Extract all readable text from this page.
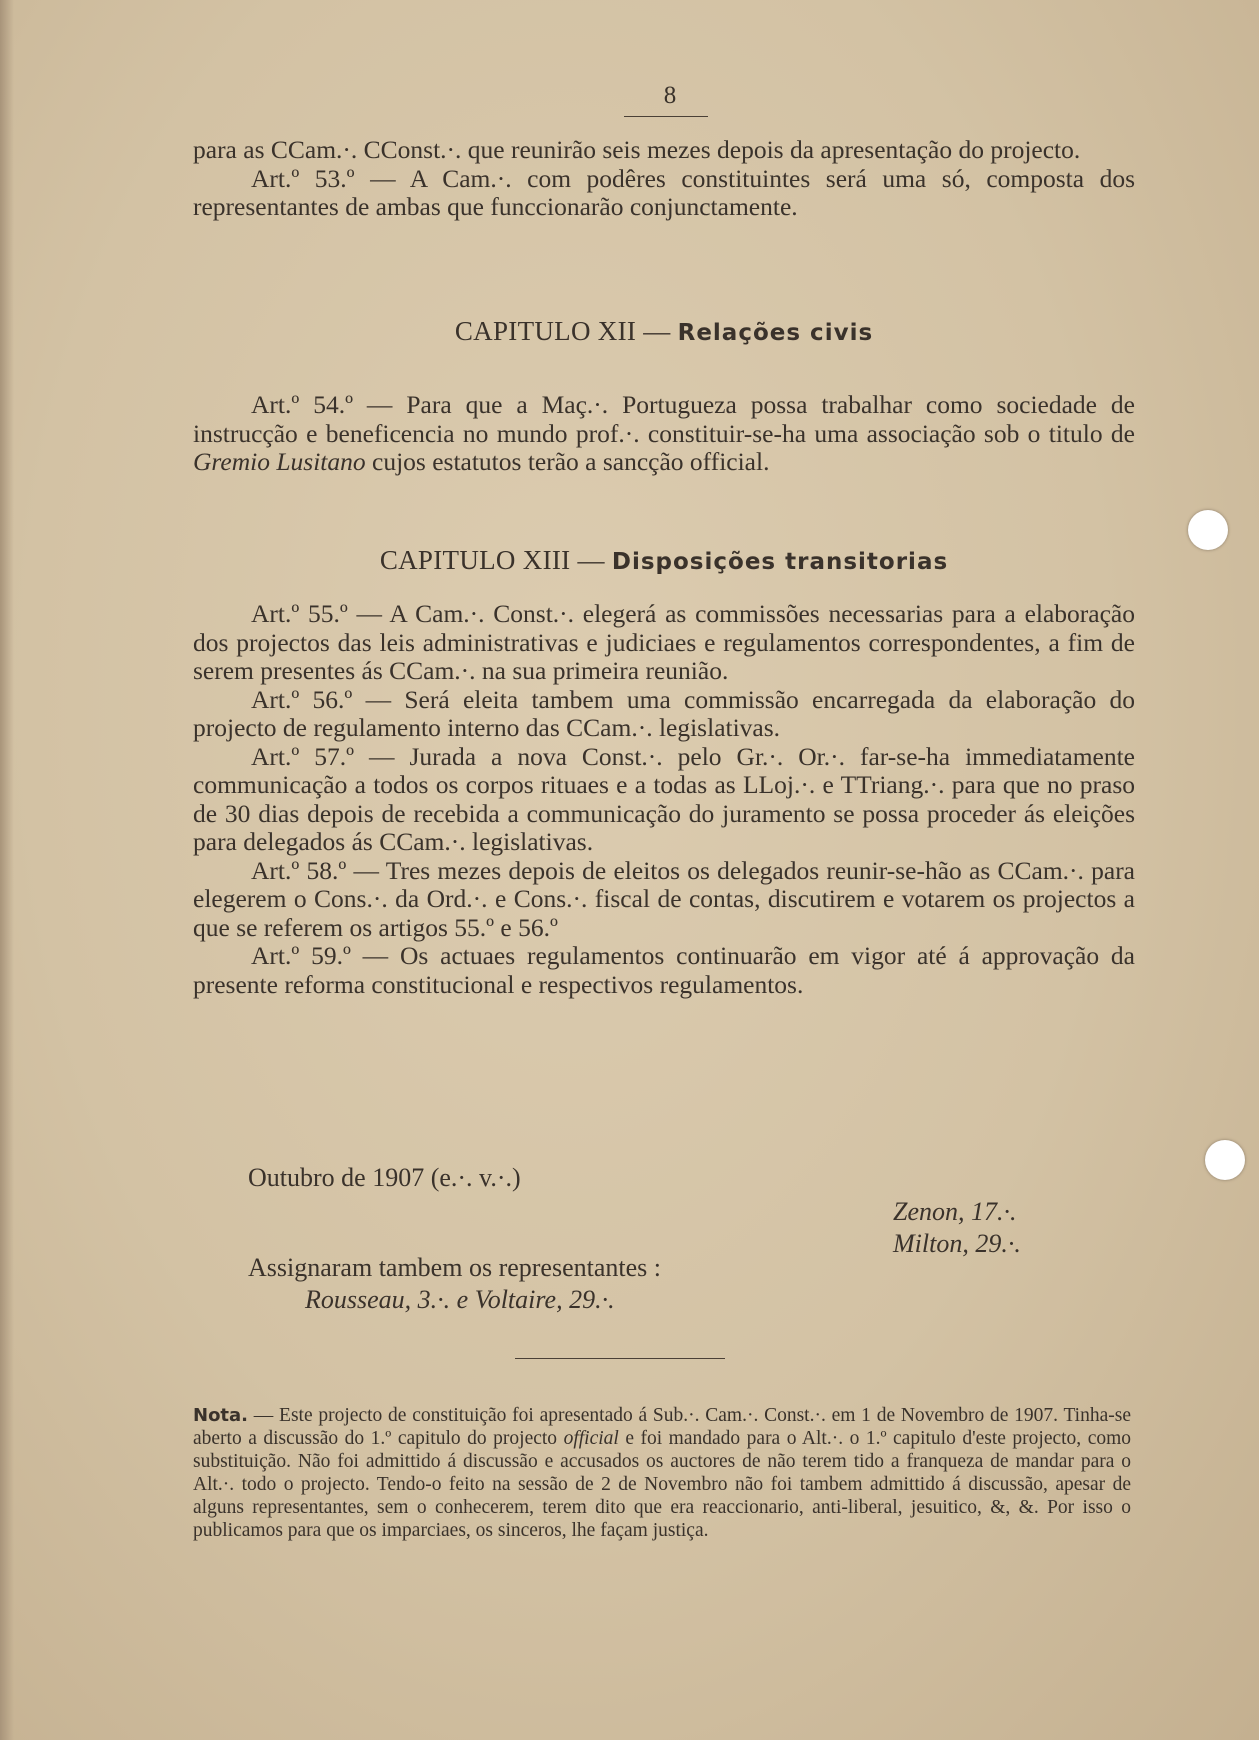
8

para as CCam.·. CConst.·. que reunirão seis mezes depois da apresentação do projecto.

Art.º 53.º — A Cam.·. com podêres constituintes será uma só, composta dos representantes de ambas que funccionarão conjunctamente.

CAPITULO XII — Relações civis

Art.º 54.º — Para que a Maç.·. Portugueza possa trabalhar como sociedade de instrucção e beneficencia no mundo prof.·. constituir-se-ha uma associação sob o titulo de Gremio Lusitano cujos estatutos terão a sancção official.

CAPITULO XIII — Disposições transitorias

Art.º 55.º — A Cam.·. Const.·. elegerá as commissões necessarias para a elaboração dos projectos das leis administrativas e judiciaes e regulamentos correspondentes, a fim de serem presentes ás CCam.·. na sua primeira reunião.

Art.º 56.º — Será eleita tambem uma commissão encarregada da elaboração do projecto de regulamento interno das CCam.·. legislativas.

Art.º 57.º — Jurada a nova Const.·. pelo Gr.·. Or.·. far-se-ha immediatamente communicação a todos os corpos rituaes e a todas as LLoj.·. e TTriang.·. para que no praso de 30 dias depois de recebida a communicação do juramento se possa proceder ás eleições para delegados ás CCam.·. legislativas.

Art.º 58.º — Tres mezes depois de eleitos os delegados reunir-se-hão as CCam.·. para elegerem o Cons.·. da Ord.·. e Cons.·. fiscal de contas, discutirem e votarem os projectos a que se referem os artigos 55.º e 56.º

Art.º 59.º — Os actuaes regulamentos continuarão em vigor até á approvação da presente reforma constitucional e respectivos regulamentos.

Outubro de 1907 (e.·. v.·.)
Zenon, 17.·.
Milton, 29.·.
Assignaram tambem os representantes :
Rousseau, 3.·. e Voltaire, 29.·.

Nota. — Este projecto de constituição foi apresentado á Sub.·. Cam.·. Const.·. em 1 de Novembro de 1907. Tinha-se aberto a discussão do 1.º capitulo do projecto official e foi mandado para o Alt.·. o 1.º capitulo d'este projecto, como substituição. Não foi admittido á discussão e accusados os auctores de não terem tido a franqueza de mandar para o Alt.·. todo o projecto. Tendo-o feito na sessão de 2 de Novembro não foi tambem admittido á discussão, apesar de alguns representantes, sem o conhecerem, terem dito que era reaccionario, anti-liberal, jesuitico, &, &. Por isso o publicamos para que os imparciaes, os sinceros, lhe façam justiça.
